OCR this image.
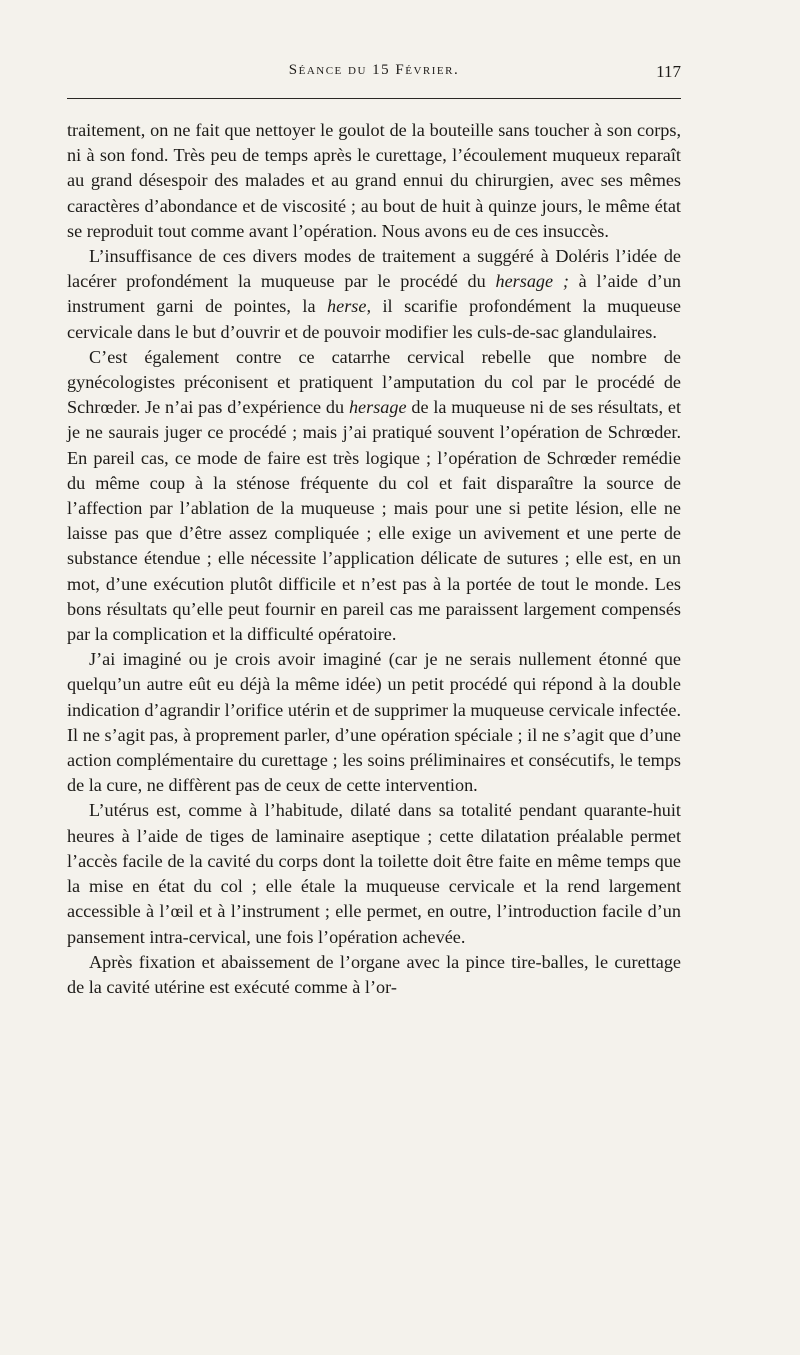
Séance du 15 Février.	117

traitement, on ne fait que nettoyer le goulot de la bouteille sans toucher à son corps, ni à son fond. Très peu de temps après le curettage, l’écoulement muqueux reparaît au grand désespoir des malades et au grand ennui du chirurgien, avec ses mêmes caractères d’abondance et de viscosité ; au bout de huit à quinze jours, le même état se reproduit tout comme avant l’opération. Nous avons eu de ces insuccès.

L’insuffisance de ces divers modes de traitement a suggéré à Doléris l’idée de lacérer profondément la muqueuse par le procédé du hersage ; à l’aide d’un instrument garni de pointes, la herse, il scarifie profondément la muqueuse cervicale dans le but d’ouvrir et de pouvoir modifier les culs-de-sac glandulaires.

C’est également contre ce catarrhe cervical rebelle que nombre de gynécologistes préconisent et pratiquent l’amputation du col par le procédé de Schrœder. Je n’ai pas d’expérience du hersage de la muqueuse ni de ses résultats, et je ne saurais juger ce procédé ; mais j’ai pratiqué souvent l’opération de Schrœder. En pareil cas, ce mode de faire est très logique ; l’opération de Schrœder remédie du même coup à la sténose fréquente du col et fait disparaître la source de l’affection par l’ablation de la muqueuse ; mais pour une si petite lésion, elle ne laisse pas que d’être assez compliquée ; elle exige un avivement et une perte de substance étendue ; elle nécessite l’application délicate de sutures ; elle est, en un mot, d’une exécution plutôt difficile et n’est pas à la portée de tout le monde. Les bons résultats qu’elle peut fournir en pareil cas me paraissent largement compensés par la complication et la difficulté opératoire.

J’ai imaginé ou je crois avoir imaginé (car je ne serais nullement étonné que quelqu’un autre eût eu déjà la même idée) un petit procédé qui répond à la double indication d’agrandir l’orifice utérin et de supprimer la muqueuse cervicale infectée. Il ne s’agit pas, à proprement parler, d’une opération spéciale ; il ne s’agit que d’une action complémentaire du curettage ; les soins préliminaires et consécutifs, le temps de la cure, ne diffèrent pas de ceux de cette intervention.

L’utérus est, comme à l’habitude, dilaté dans sa totalité pendant quarante-huit heures à l’aide de tiges de laminaire aseptique ; cette dilatation préalable permet l’accès facile de la cavité du corps dont la toilette doit être faite en même temps que la mise en état du col ; elle étale la muqueuse cervicale et la rend largement accessible à l’œil et à l’instrument ; elle permet, en outre, l’introduction facile d’un pansement intra-cervical, une fois l’opération achevée.

Après fixation et abaissement de l’organe avec la pince tire-balles, le curettage de la cavité utérine est exécuté comme à l’or-
